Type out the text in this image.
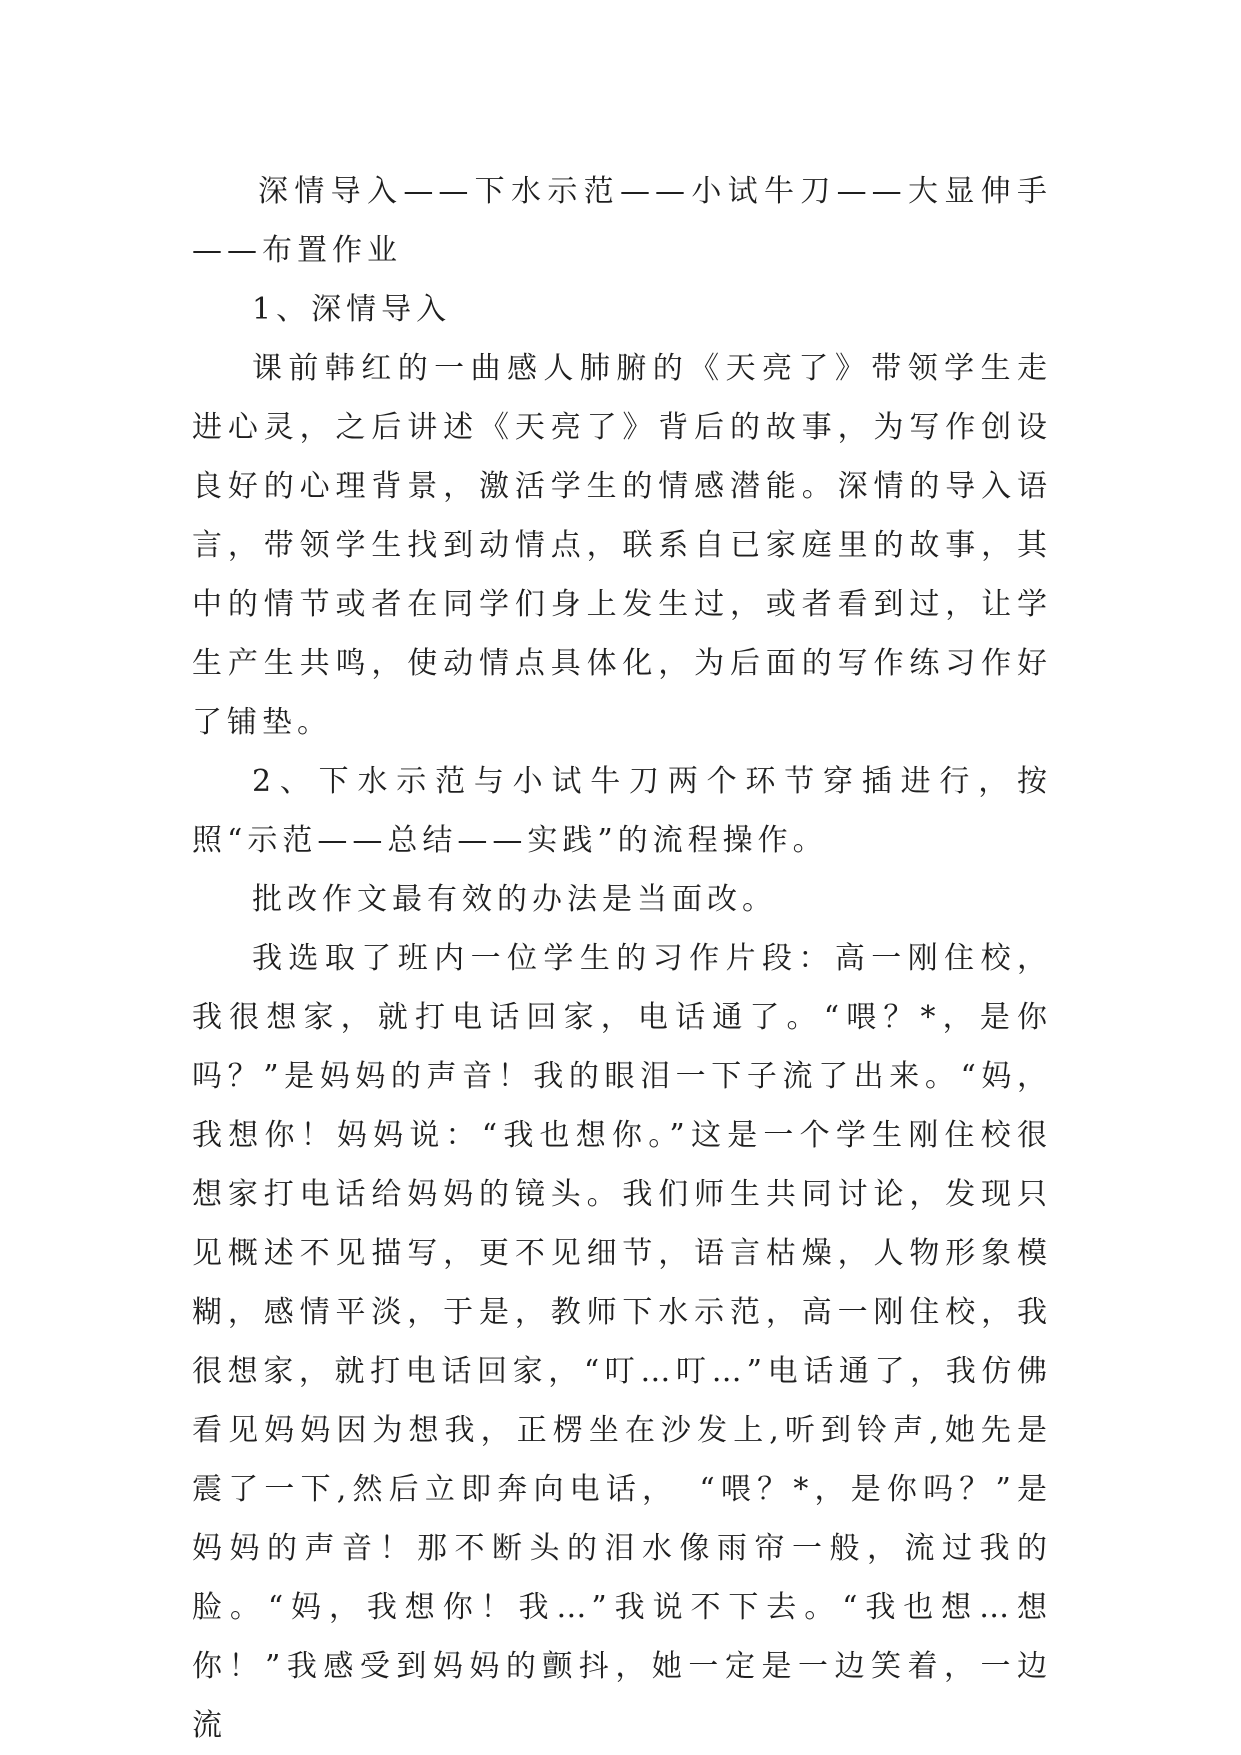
深情导入——下水示范——小试牛刀——大显伸手——布置作业

1、深情导入

课前韩红的一曲感人肺腑的《天亮了》带领学生走进心灵，之后讲述《天亮了》背后的故事，为写作创设良好的心理背景，激活学生的情感潜能。深情的导入语言，带领学生找到动情点，联系自已家庭里的故事，其中的情节或者在同学们身上发生过，或者看到过，让学生产生共鸣，使动情点具体化，为后面的写作练习作好了铺垫。

2、下水示范与小试牛刀两个环节穿插进行，按照“示范——总结——实践”的流程操作。

批改作文最有效的办法是当面改。

我选取了班内一位学生的习作片段：高一刚住校，我很想家，就打电话回家，电话通了。“喂？*，是你吗？”是妈妈的声音！我的眼泪一下子流了出来。“妈，我想你！妈妈说：“我也想你。”这是一个学生刚住校很想家打电话给妈妈的镜头。我们师生共同讨论，发现只见概述不见描写，更不见细节，语言枯燥，人物形象模糊，感情平淡，于是，教师下水示范，高一刚住校，我很想家，就打电话回家，“叮…叮…”电话通了，我仿佛看见妈妈因为想我，正楞坐在沙发上,听到铃声,她先是震了一下,然后立即奔向电话，　“喂？*，是你吗？”是妈妈的声音！那不断头的泪水像雨帘一般，流过我的脸。“妈，我想你！我…”我说不下去。“我也想…想你！”我感受到妈妈的颤抖，她一定是一边笑着，一边流
